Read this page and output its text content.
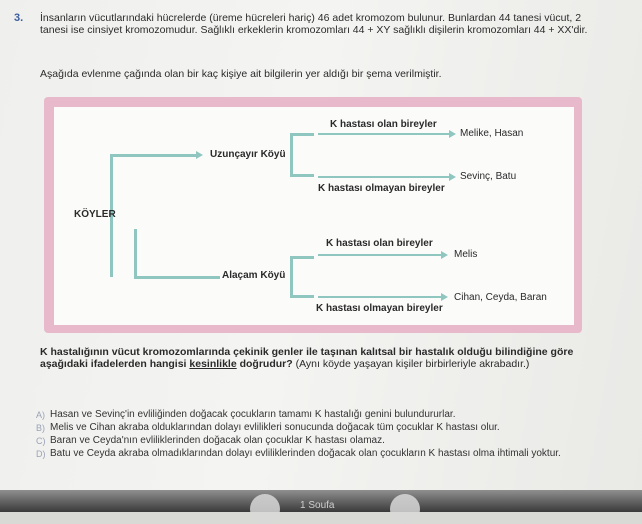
3. İnsanların vücutlarındaki hücrelerde (üreme hücreleri hariç) 46 adet kromozom bulunur. Bunlardan 44 tanesi vücut, 2 tanesi ise cinsiyet kromozomudur. Sağlıklı erkeklerin kromozomları 44 + XY sağlıklı dişilerin kromozomları 44 + XX'dir.
Aşağıda evlenme çağında olan bir kaç kişiye ait bilgilerin yer aldığı bir şema verilmiştir.
KÖYLER
Uzunçayır Köyü
Alaçam Köyü
K hastası olan bireyler
K hastası olmayan bireyler
K hastası olan bireyler
K hastası olmayan bireyler
Melike, Hasan
Sevinç, Batu
Melis
Cihan, Ceyda, Baran
K hastalığının vücut kromozomlarında çekinik genler ile taşınan kalıtsal bir hastalık olduğu bilindiğine göre aşağıdaki ifadelerden hangisi kesinlikle doğrudur? (Aynı köyde yaşayan kişiler birbirleriyle akrabadır.)
A) Hasan ve Sevinç'in evliliğinden doğacak çocukların tamamı K hastalığı genini bulundururlar.
B) Melis ve Cihan akraba olduklarından dolayı evlilikleri sonucunda doğacak tüm çocuklar K hastası olur.
C) Baran ve Ceyda'nın evliliklerinden doğacak olan çocuklar K hastası olamaz.
D) Batu ve Ceyda akraba olmadıklarından dolayı evliliklerinden doğacak olan çocukların K hastası olma ihtimali yoktur.
1 Soufa
